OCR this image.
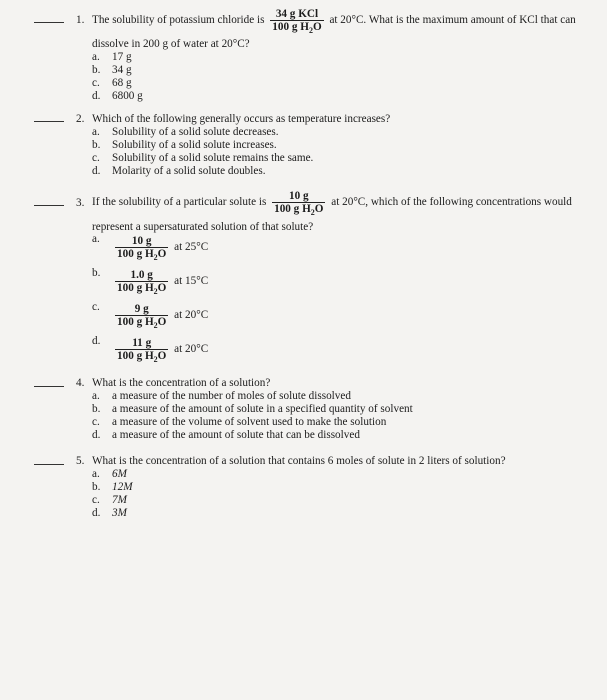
1. The solubility of potassium chloride is $\frac{\text{34 g KCl}}{100 g H_2O}$ at 20°C. What is the maximum amount of KCl that can
dissolve in 200 g of water at 20°C?
a. 17 g
b. 34 g
c. 68 g
d. 6800 g
2. Which of the following generally occurs as temperature increases?
a. Solubility of a solid solute decreases.
b. Solubility of a solid solute increases.
c. Solubility of a solid solute remains the same.
d. Molarity of a solid solute doubles.
3. If the solubility of a particular solute is $\frac{10 g}{100 g H_2O}$ at 20°C, which of the following concentrations would
represent a supersaturated solution of that solute?
a. $\frac{10 g}{100 g H_2O}$ at 25°C
b. $\frac{1.0 g}{100 g H_2O}$ at 15°C
c. $\frac{9 g}{100 g H_2O}$ at 20°C
d. $\frac{11 g}{100 g H_2O}$ at 20°C
4. What is the concentration of a solution?
a. a measure of the number of moles of solute dissolved
b. a measure of the amount of solute in a specified quantity of solvent
c. a measure of the volume of solvent used to make the solution
d. a measure of the amount of solute that can be dissolved
5. What is the concentration of a solution that contains 6 moles of solute in 2 liters of solution?
a. 6M
b. 12M
c. 7M
d. 3M
